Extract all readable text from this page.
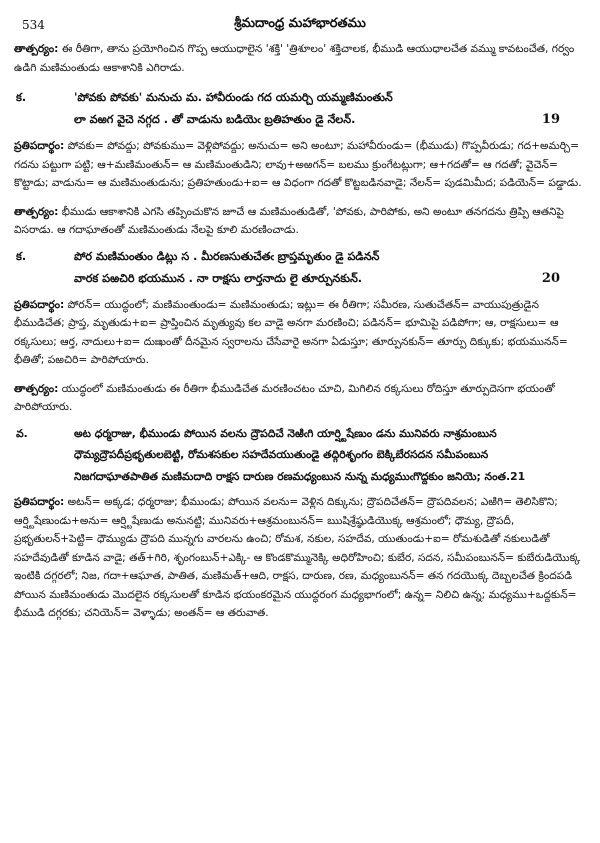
534	శ్రీమదాంధ్ర మహాభారతము

తాత్పర్యం: ఈ రీతిగా, తాను ప్రయోగించిన గొప్ప ఆయుధాలైన 'శక్తి' 'త్రిశూలం' శక్తిచాలక, భీముడి ఆయుధాలచేత వమ్ము కావటంచేత, గర్వం ఉడిగి మణిమంతుడు ఆకాశానికి ఎగిరాడు.

క.	'పోవకు పోవకు' మనుచు మ. హావీరుండు గద యమర్చి యమ్మణిమంతున్
లా వఱగ వైచె నగ్గద . తో వాడును బడియెఁ బ్రతిహతుం డై నేలన్.	19

ప్రతిపదార్థం: పోవకు= పోవద్దు; పోవకుము= వెళ్లిపోవద్దు; అనుచు= అని అంటూ; మహావీరుండు= (భీముడు) గొప్పవీరుడు; గద+అమర్చి= గదను పట్టుగా పట్టి; ఆ+మణిమంతున్= ఆ మణిమంతుడిని; లావు+అఱగన్= బలము క్రుంగేటట్లుగా; ఆ+గదతో= ఆ గదతో; వైచెన్= కొట్టాడు; వాడును= ఆ మణిమంతుడును; ప్రతిహతుండు+ఐ= ఆ విధంగా గదతో కొట్టబడినవాడై; నేలన్= పుడమిమీద; పడియెన్= పడ్డాడు.

తాత్పర్యం: భీముడు ఆకాశానికి ఎగసి తప్పించుకొన జూచే ఆ మణిమంతుడితో, 'పోవకు, పారిపోకు, అని అంటూ తనగదను త్రిప్పి ఆతనిపై విసరాడు. ఆ గదాఘాతంతో మణిమంతుడు నేలపై కూలి మరణించాడు.

క.	పోర మణిమంతుం డిట్లు స . మీరణసుతుచేతఁ బ్రాప్తమృతుం డై పడినన్
వారక పఱచిరి భయమున . నా రాక్షసు లార్తనాదు లై తూర్పునకున్.	20

ప్రతిపదార్థం: పోరన్= యుద్ధంలో; మణిమంతుండు= మణిమంతుడు; ఇట్లు= ఈ రీతిగా; సమీరణ, సుతుచేతన్= వాయుపుత్రుడైన భీముడిచేత; ప్రాప్త, మృతుడు+ఐ= ప్రాప్తించిన మృత్యువు కల వాడై అనగా మరణించి; పడినన్= భూమిపై పడిపోగా; ఆ, రాక్షసులు= ఆ రక్కసులు; ఆర్త, నాదులు+ఐ= దుఃఖంతో దీనమైన స్వరాలను చేసేవారై అనగా ఏడుస్తూ; తూర్పునకున్= తూర్పు దిక్కుకు; భయమునన్= భీతితో; పఱచిరి= పారిపోయారు.

తాత్పర్యం: యుద్ధంలో మణిమంతుడు ఈ రీతిగా భీముడిచేత మరణించటం చూచి, మిగిలిన రక్కసులు రోదిస్తూ తూర్పుదెసగా భయంతో పారిపోయారు.

వ.	అట ధర్మరాజు, భీముండు పోయిన వలను ద్రౌపదిచే నెఱిఁగి యార్ష్టిషేణుం డను మునివరు నాశ్రమంబున
ధౌమ్యద్రౌపదీప్రభృతులబెట్టి, రోమశసకుల సహదేవయుతుండై తద్గిరిశృంగం బెక్కిబేరసదన సమీపంబున
నిజగదాఘాతపాతిత మణిమదాది రాక్షస దారుణ రణమధ్యంబున నున్న మధ్యముఁగొద్దకుం జనియె; నంత.21

ప్రతిపదార్థం: అటన్= అక్కడ; ధర్మరాజు; భీముండు; పోయిన వలను= వెళ్లిన దిక్కును; ద్రౌపదిచేతన్= ద్రౌపదివలన; ఎఱిగి= తెలిసికొని; ఆర్ష్టిషేణుండు+అను= ఆర్ష్టిషేణుడు అనునట్టి; మునివరు+ఆశ్రమంబునన్= ఋషిశ్రేష్ఠుడియొక్క ఆశ్రమంలో; ధౌమ్య, ద్రౌపదీ, ప్రభృతులన్+పెట్టి= ధౌమ్యుడు ద్రౌపది మున్నగు వారలను ఉంచి; రోమశ, నకుల, సహదేవ, యుతుండు+ఐ= రోమశుడితో నకులుడితో సహదేవుడితో కూడిన వాడై; తత్+గిరి, శృంగంబున్+ఎక్కి- ఆ కొండకొమ్మునెక్కి అధిరోహించి; కుబేర, సదన, సమీపంబునన్= కుబేరుడియొక్క ఇంటికి దగ్గరలో; నిజ, గదా+ఆఘాత, పాతిత, మణిమత్+ఆది, రాక్షస, దారుణ, రణ, మధ్యంబునన్= తన గదయొక్క దెబ్బలచేత క్రిందపడి పోయిన మణిమంతుడు మొదలైన రక్కసులతో కూడిన భయంకరమైన యుద్ధరంగ మధ్యభాగంలో; ఉన్న= నిలిచి ఉన్న; మధ్యము+ఒద్దకున్= భీముడి దగ్గరకు; చనియెన్= వెళ్ళాడు; అంతన్= ఆ తరువాత.
